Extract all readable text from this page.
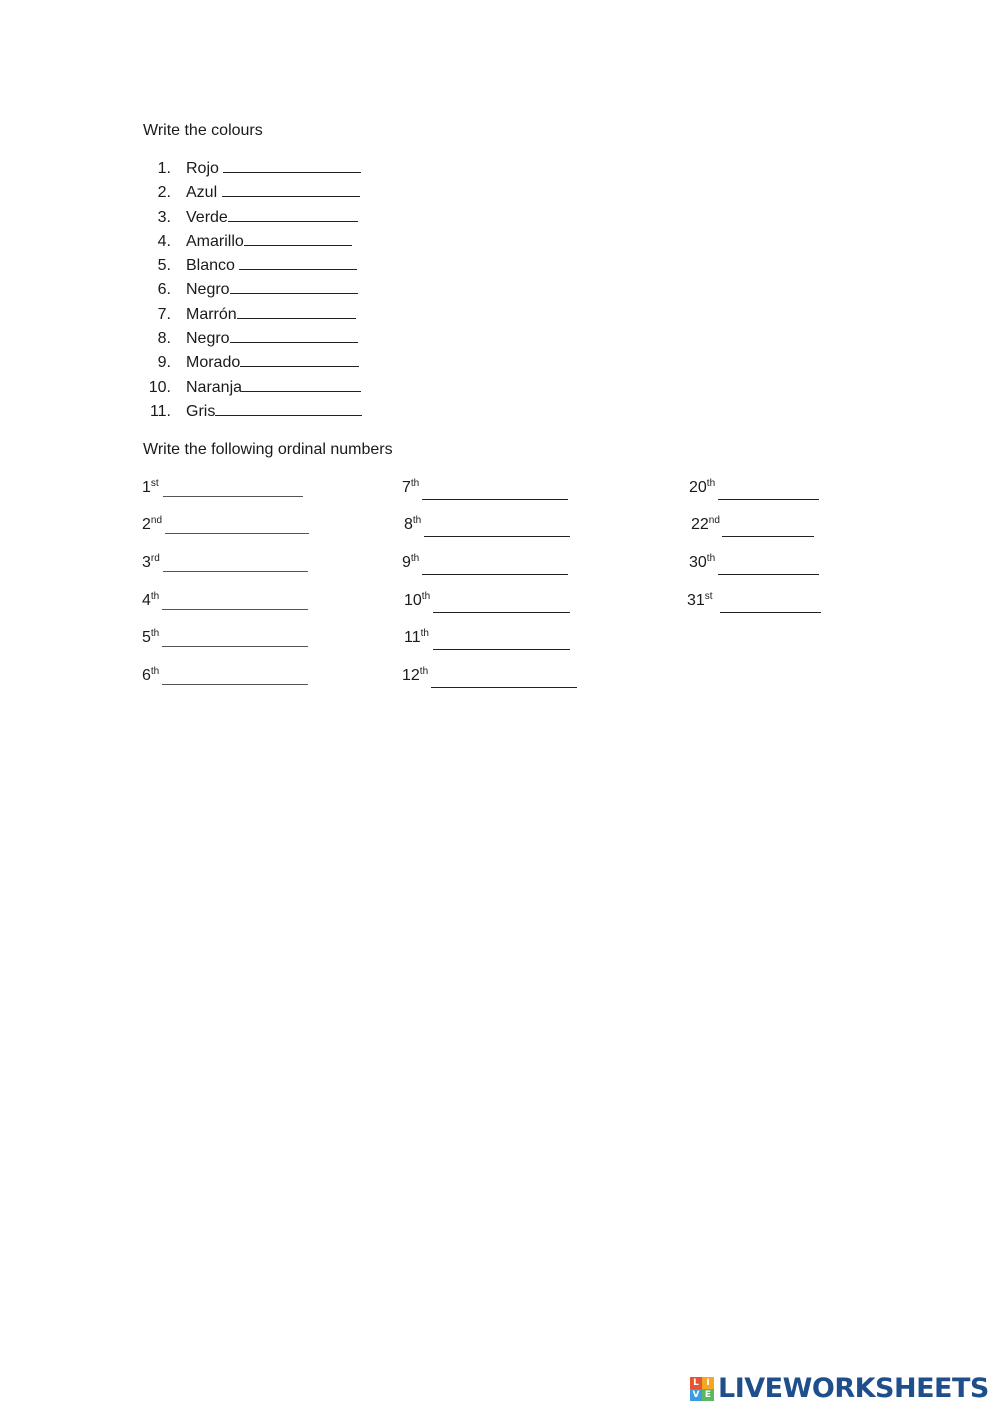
Write the colours
1. Rojo
2. Azul
3. Verde
4. Amarillo
5. Blanco
6. Negro
7. Marrón
8. Negro
9. Morado
10. Naranja
11. Gris
Write the following ordinal numbers
1st
2nd
3rd
4th
5th
6th
7th
8th
9th
10th
11th
12th
20th
22nd
30th
31st
L I
V E LIVEWORKSHEETS
